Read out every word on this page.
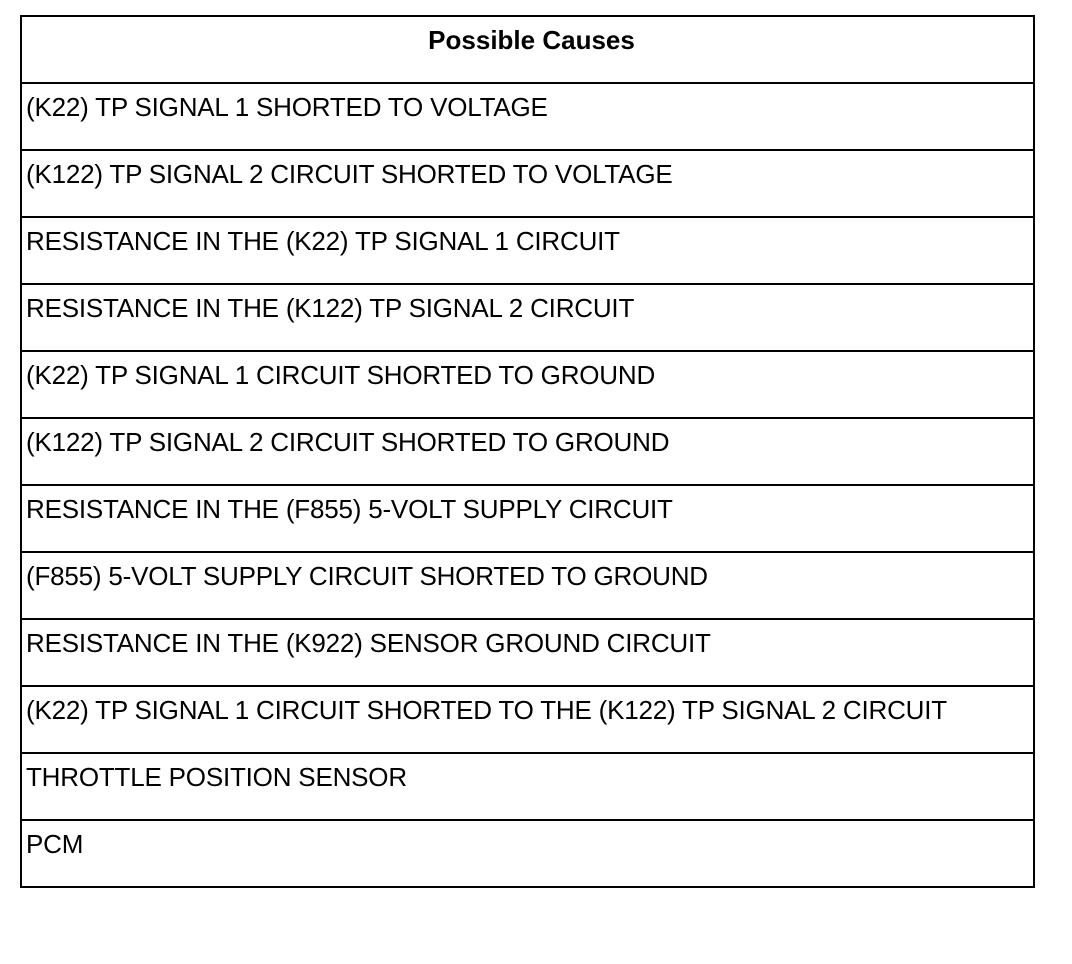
Possible Causes

(K22) TP SIGNAL 1 SHORTED TO VOLTAGE

(K122) TP SIGNAL 2 CIRCUIT SHORTED TO VOLTAGE

RESISTANCE IN THE (K22) TP SIGNAL 1 CIRCUIT

RESISTANCE IN THE (K122) TP SIGNAL 2 CIRCUIT

(K22) TP SIGNAL 1 CIRCUIT SHORTED TO GROUND

(K122) TP SIGNAL 2 CIRCUIT SHORTED TO GROUND

RESISTANCE IN THE (F855) 5-VOLT SUPPLY CIRCUIT

(F855) 5-VOLT SUPPLY CIRCUIT SHORTED TO GROUND

RESISTANCE IN THE (K922) SENSOR GROUND CIRCUIT

(K22) TP SIGNAL 1 CIRCUIT SHORTED TO THE (K122) TP SIGNAL 2 CIRCUIT

THROTTLE POSITION SENSOR

PCM
